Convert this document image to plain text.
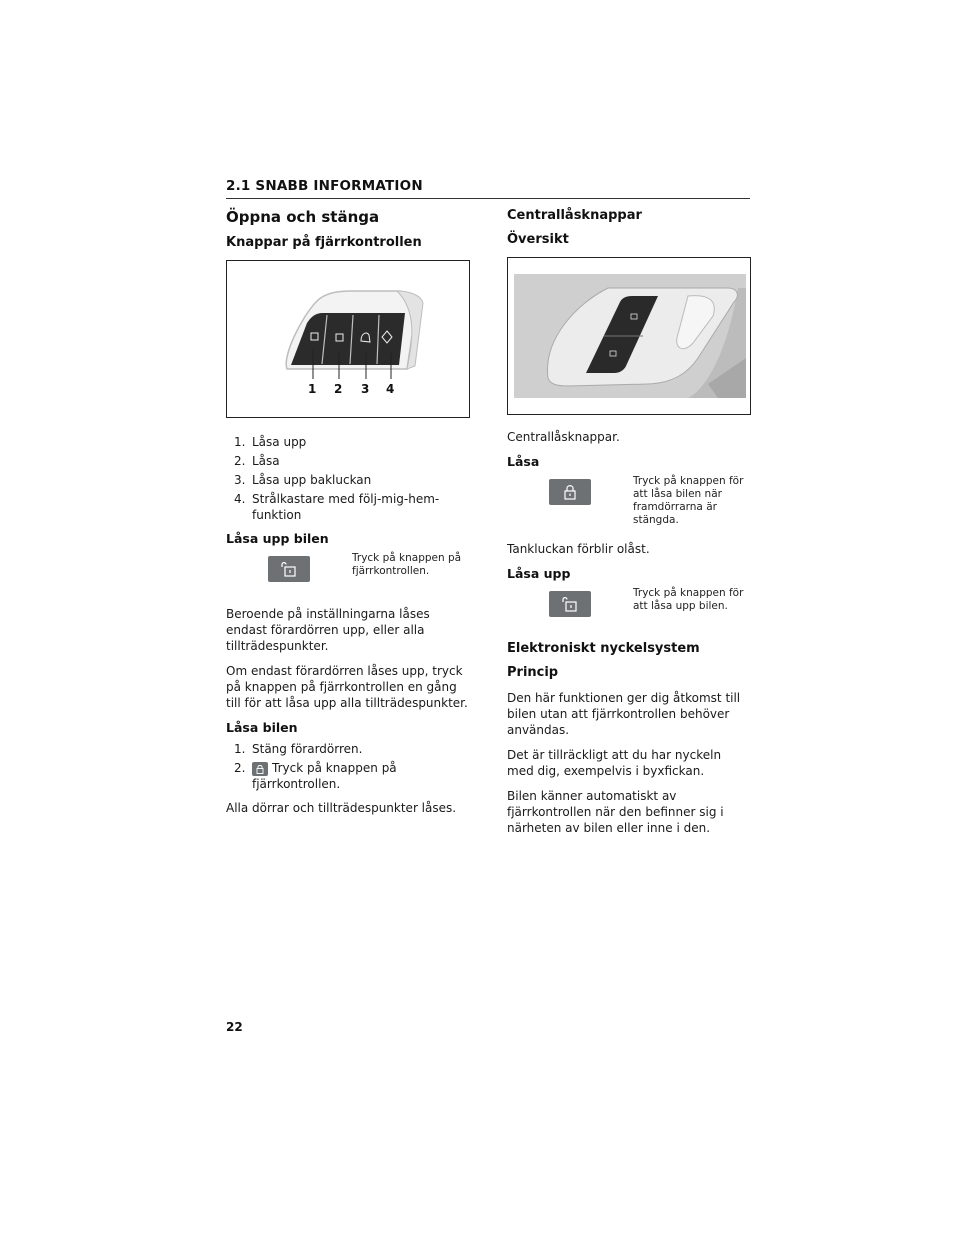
2.1 SNABB INFORMATION
Öppna och stänga
Knappar på fjärrkontrollen
1 2 3 4
1. Låsa upp
2. Låsa
3. Låsa upp bakluckan
4. Strålkastare med följ-mig-hem-funktion
Låsa upp bilen
Tryck på knappen på fjärrkontrollen.

Beroende på inställningarna låses endast förardörren upp, eller alla tillträdespunkter.

Om endast förardörren låses upp, tryck på knappen på fjärrkontrollen en gång till för att låsa upp alla tillträdespunkter.

Låsa bilen
1. Stäng förardörren.
2.	Tryck på knappen på fjärrkontrollen.

Alla dörrar och tillträdespunkter låses.

Centrallåsknappar
Översikt

Centrallåsknappar.

Låsa
Tryck på knappen för att låsa bilen när framdörrarna är stängda.

Tankluckan förblir olåst.

Låsa upp
Tryck på knappen för att låsa upp bilen.
Elektroniskt nyckelsystem
Princip

Den här funktionen ger dig åtkomst till bilen utan att fjärrkontrollen behöver användas.

Det är tillräckligt att du har nyckeln med dig, exempelvis i byxfickan.

Bilen känner automatiskt av fjärrkontrollen när den befinner sig i närheten av bilen eller inne i den.

22
